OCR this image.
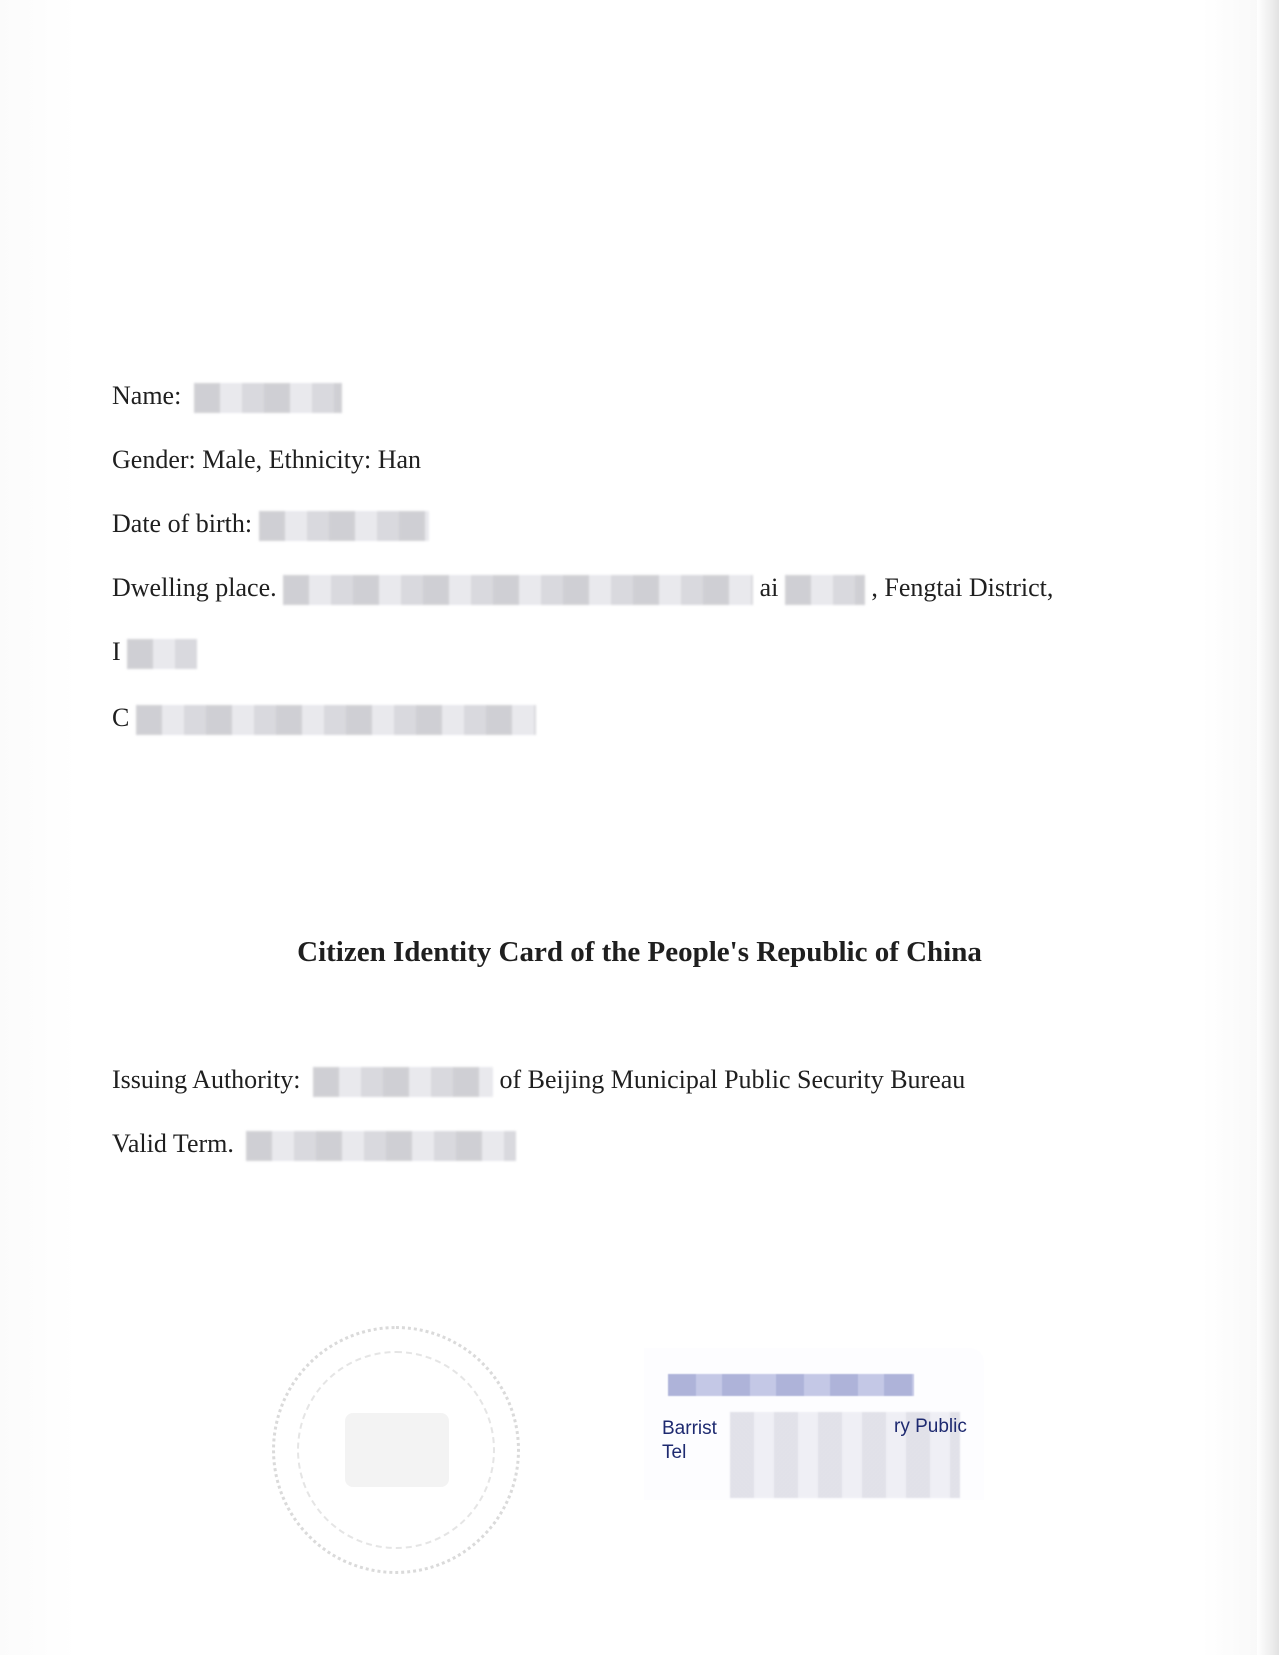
Name:
Gender: Male, Ethnicity: Han
Date of birth:
Dwelling place.	ai	, Fengtai District,
I
C
Citizen Identity Card of the People's Republic of China
Issuing Authority:	of Beijing Municipal Public Security Bureau
Valid Term.
Barrist
Tel
ry Public
